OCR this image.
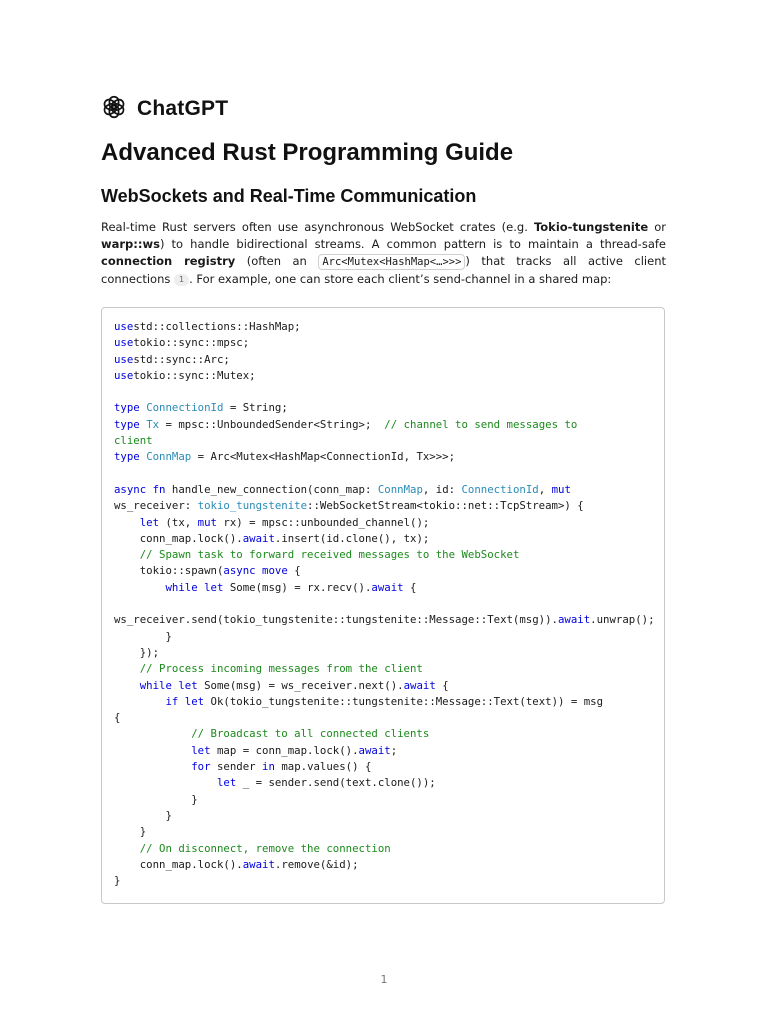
ChatGPT
Advanced Rust Programming Guide
WebSockets and Real-Time Communication
Real-time Rust servers often use asynchronous WebSocket crates (e.g. Tokio-tungstenite or warp::ws) to handle bidirectional streams. A common pattern is to maintain a thread-safe connection registry (often an Arc<Mutex<HashMap<…>>> ) that tracks all active client connections 1 . For example, one can store each client’s send-channel in a shared map:
usestd::collections::HashMap;
usetokio::sync::mpsc;
usestd::sync::Arc;
usetokio::sync::Mutex;

type ConnectionId = String;
type Tx = mpsc::UnboundedSender<String>;  // channel to send messages to
client
type ConnMap = Arc<Mutex<HashMap<ConnectionId, Tx>>>;

async fn handle_new_connection(conn_map: ConnMap, id: ConnectionId, mut
ws_receiver: tokio_tungstenite::WebSocketStream<tokio::net::TcpStream>) {
let (tx, mut rx) = mpsc::unbounded_channel();
conn_map.lock().await.insert(id.clone(), tx);
// Spawn task to forward received messages to the WebSocket
tokio::spawn(async move {
while let Some(msg) = rx.recv().await {

ws_receiver.send(tokio_tungstenite::tungstenite::Message::Text(msg)).await.unwrap();
}
});
// Process incoming messages from the client
while let Some(msg) = ws_receiver.next().await {
if let Ok(tokio_tungstenite::tungstenite::Message::Text(text)) = msg
{
// Broadcast to all connected clients
let map = conn_map.lock().await;
for sender in map.values() {
let _ = sender.send(text.clone());
}
}
}
// On disconnect, remove the connection
conn_map.lock().await.remove(&id);
}
1
